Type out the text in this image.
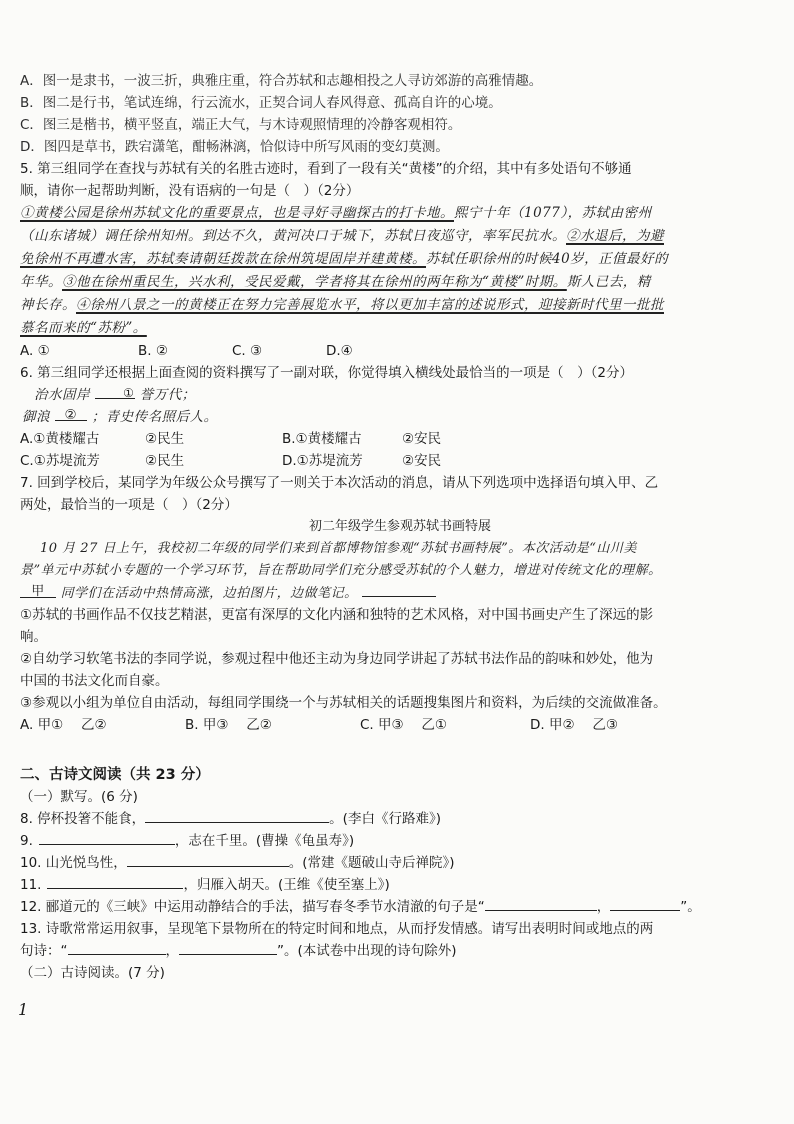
A．图一是隶书，一波三折，典雅庄重，符合苏轼和志趣相投之人寻访郊游的高雅情趣。
B．图二是行书，笔试连绵，行云流水，正契合词人春风得意、孤高自许的心境。
C．图三是楷书，横平竖直，端正大气，与木诗观照情理的冷静客观相符。
D．图四是草书，跌宕潇笔，酣畅淋漓，恰似诗中所写风雨的变幻莫测。
5. 第三组同学在查找与苏轼有关的名胜古迹时，看到了一段有关“黄楼”的介绍，其中有多处语句不够通
顺，请你一起帮助判断，没有语病的一句是（　）（2分）
①黄楼公园是徐州苏轼文化的重要景点，也是寻好寻幽探古的打卡地。熙宁十年（1077），苏轼由密州
（山东诸城）调任徐州知州。到达不久，黄河决口于城下，苏轼日夜巡守，率军民抗水。②水退后，为避
免徐州不再遭水害，苏轼奏请朝廷拨款在徐州筑堤固岸并建黄楼。苏轼任职徐州的时候40岁，正值最好的
年华。③他在徐州重民生，兴水利，受民爱戴，学者将其在徐州的两年称为“黄楼”时期。斯人已去，精
神长存。④徐州八景之一的黄楼正在努力完善展览水平，将以更加丰富的述说形式，迎接新时代里一批批
慕名而来的“苏粉”。
A. ①	B. ②	C. ③	D.④
6. 第三组同学还根据上面查阅的资料撰写了一副对联，你觉得填入横线处最恰当的一项是（　）（2分）
治水固岸	① 誉万代；
御浪 ② ；青史传名照后人。
A.①黄楼耀古	②民生	B.①黄楼耀古	②安民
C.①苏堤流芳	②民生	D.①苏堤流芳	②安民
7. 回到学校后，某同学为年级公众号撰写了一则关于本次活动的消息，请从下列选项中选择语句填入甲、乙
两处，最恰当的一项是（　）（2分）
初二年级学生参观苏轼书画特展
10 月 27 日上午，我校初二年级的同学们来到首都博物馆参观“苏轼书画特展”。本次活动是“山川美
景”单元中苏轼小专题的一个学习环节，旨在帮助同学们充分感受苏轼的个人魅力，增进对传统文化的理解。
甲 同学们在活动中热情高涨，边拍图片，边做笔记。
①苏轼的书画作品不仅技艺精湛，更富有深厚的文化内涵和独特的艺术风格，对中国书画史产生了深远的影
响。
②自幼学习软笔书法的李同学说，参观过程中他还主动为身边同学讲起了苏轼书法作品的韵味和妙处，他为
中国的书法文化而自豪。
③参观以小组为单位自由活动，每组同学围绕一个与苏轼相关的话题搜集图片和资料，为后续的交流做准备。
A. 甲①　 乙②	B. 甲③　 乙②	C. 甲③　 乙①	D. 甲②　 乙③
二、古诗文阅读（共 23 分）
（一）默写。(6 分)
8. 停杯投箸不能食，	。(李白《行路难》)
9.	，志在千里。(曹操《龟虽寿》)
10. 山光悦鸟性，	。(常建《题破山寺后禅院》)
11.	，归雁入胡天。(王维《使至塞上》)
12. 郦道元的《三峡》中运用动静结合的手法，描写春冬季节水清澈的句子是“	，	”。
13. 诗歌常常运用叙事，呈现笔下景物所在的特定时间和地点，从而抒发情感。请写出表明时间或地点的两
句诗：“	，	”。(本试卷中出现的诗句除外)
（二）古诗阅读。(7 分)
1
